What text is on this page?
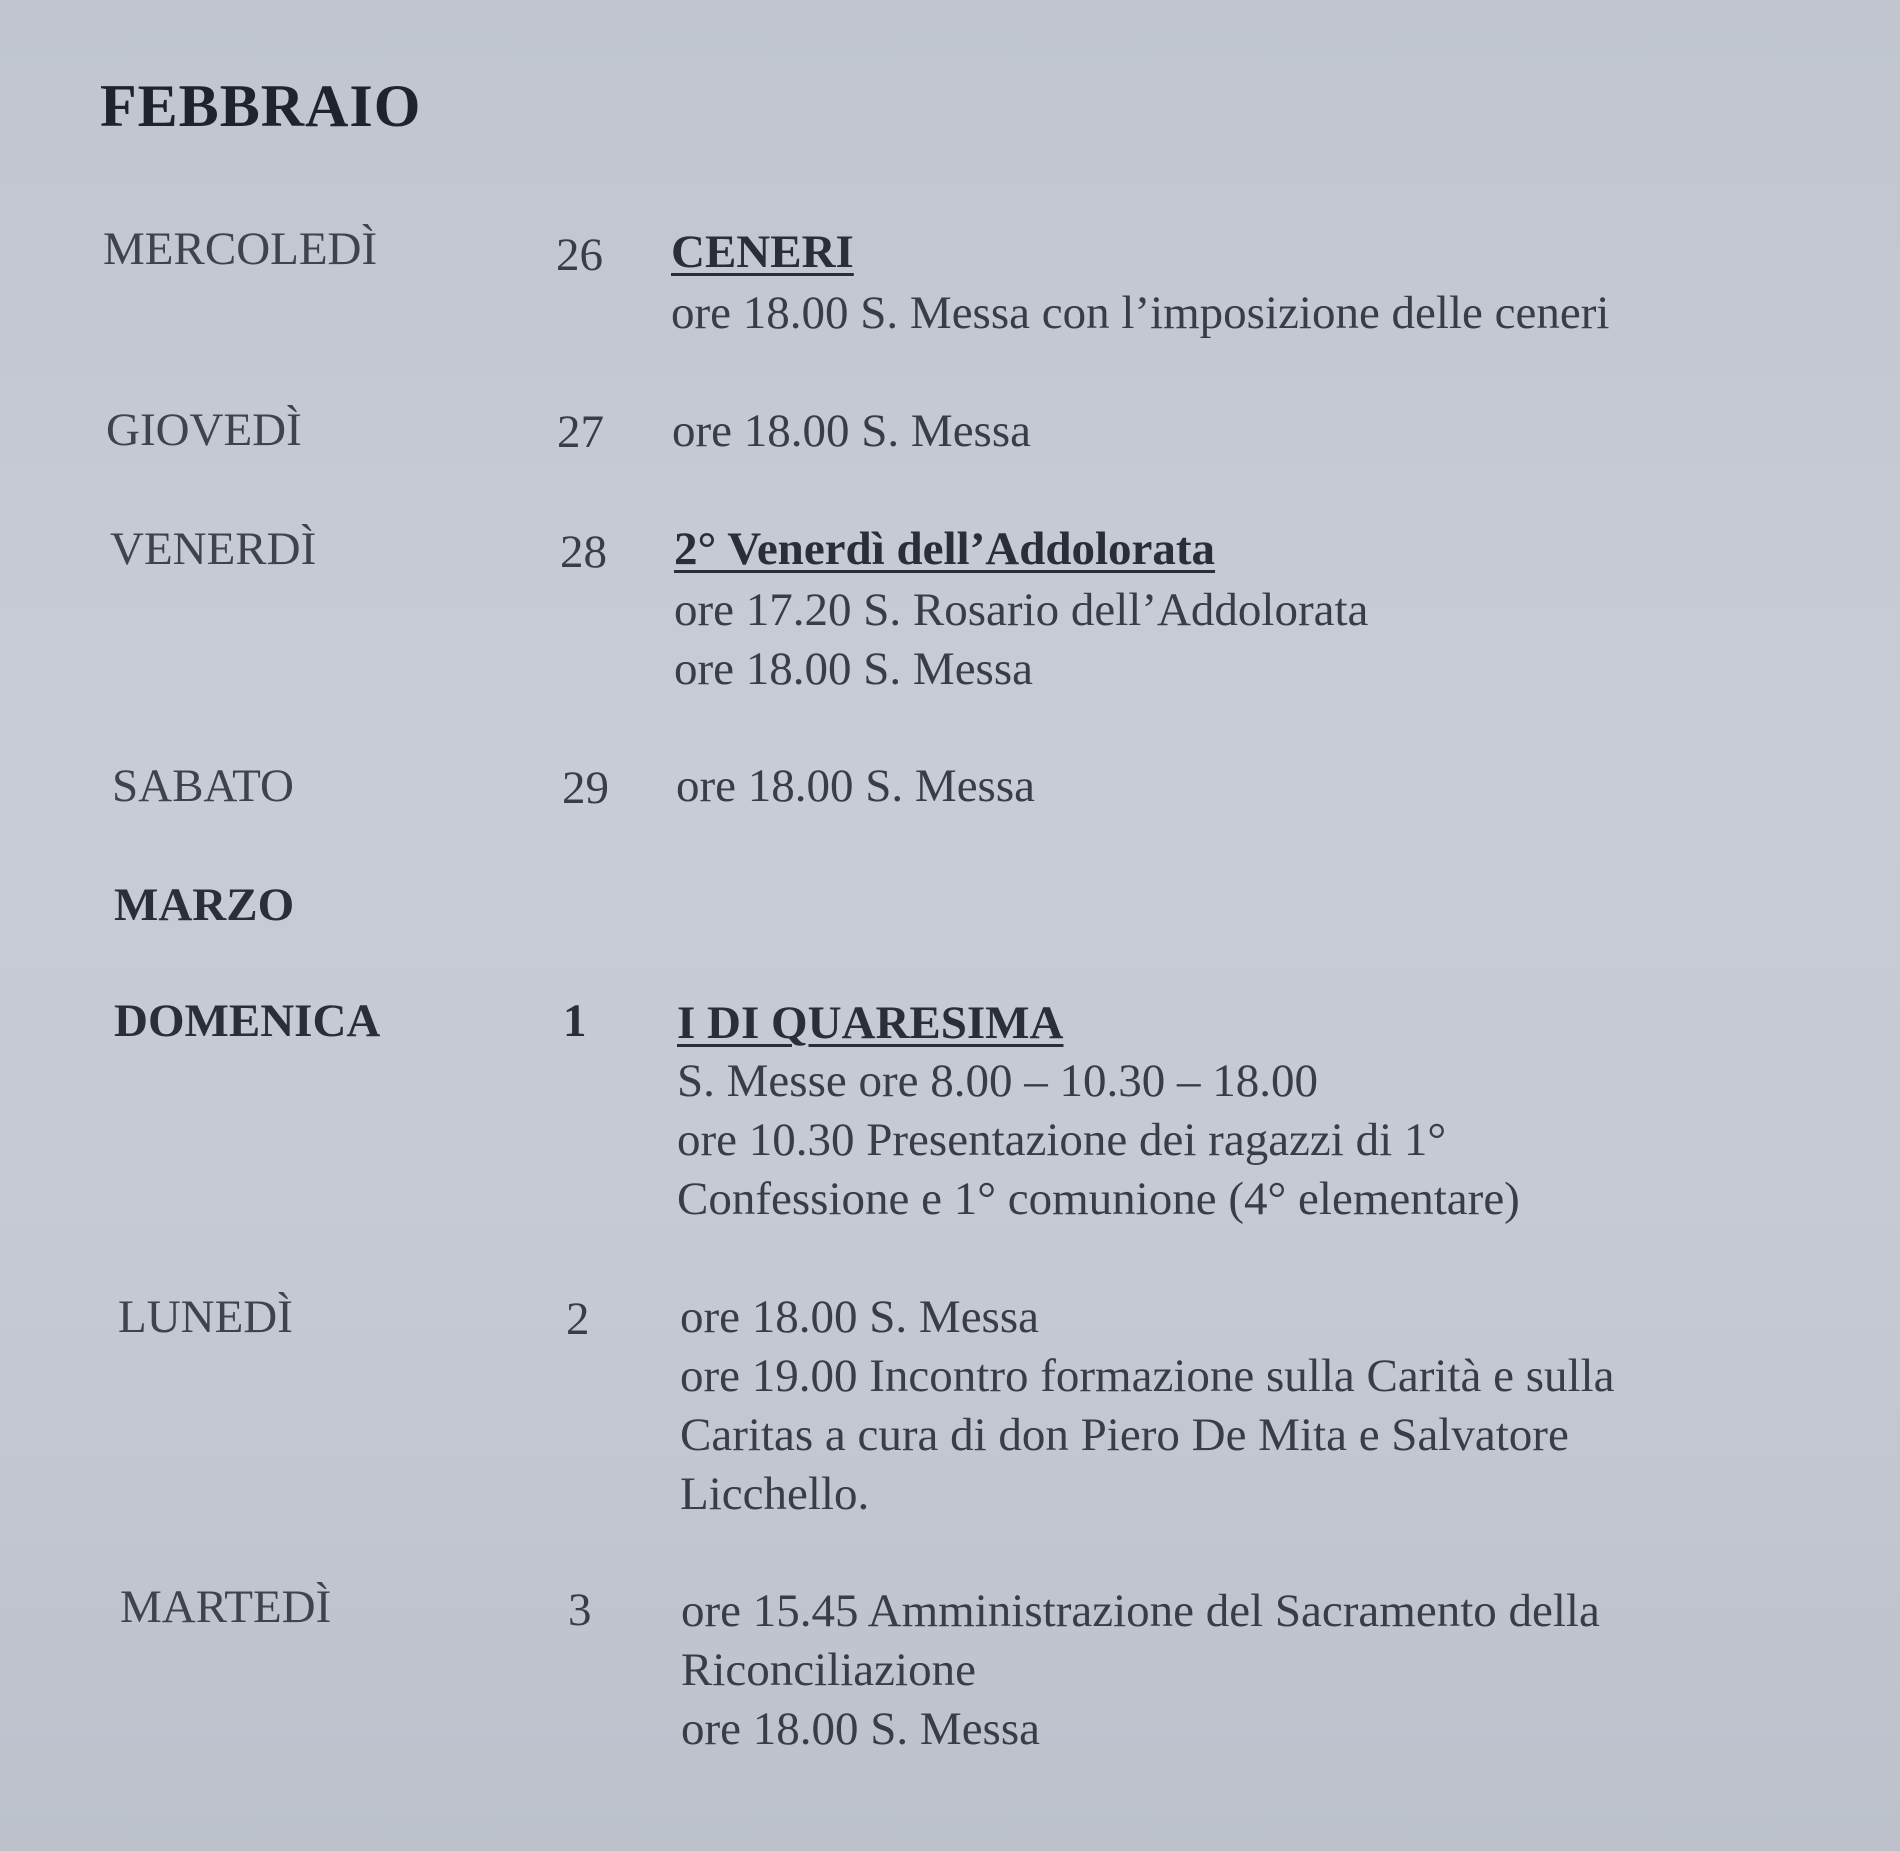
FEBBRAIO
MERCOLEDÌ	26 CENERI
ore 18.00 S. Messa con l’imposizione delle ceneri
GIOVEDÌ	27 ore 18.00 S. Messa
VENERDÌ	28 2° Venerdì dell’Addolorata
ore 17.20 S. Rosario dell’Addolorata
ore 18.00 S. Messa
SABATO	29 ore 18.00 S. Messa
MARZO
DOMENICA	1 I DI QUARESIMA
S. Messe ore 8.00 – 10.30 – 18.00
ore 10.30 Presentazione dei ragazzi di 1°
Confessione e 1° comunione (4° elementare)
LUNEDÌ	2 ore 18.00 S. Messa
ore 19.00 Incontro formazione sulla Carità e sulla
Caritas a cura di don Piero De Mita e Salvatore
Licchello.
MARTEDÌ	3 ore 15.45 Amministrazione del Sacramento della
Riconciliazione
ore 18.00 S. Messa
